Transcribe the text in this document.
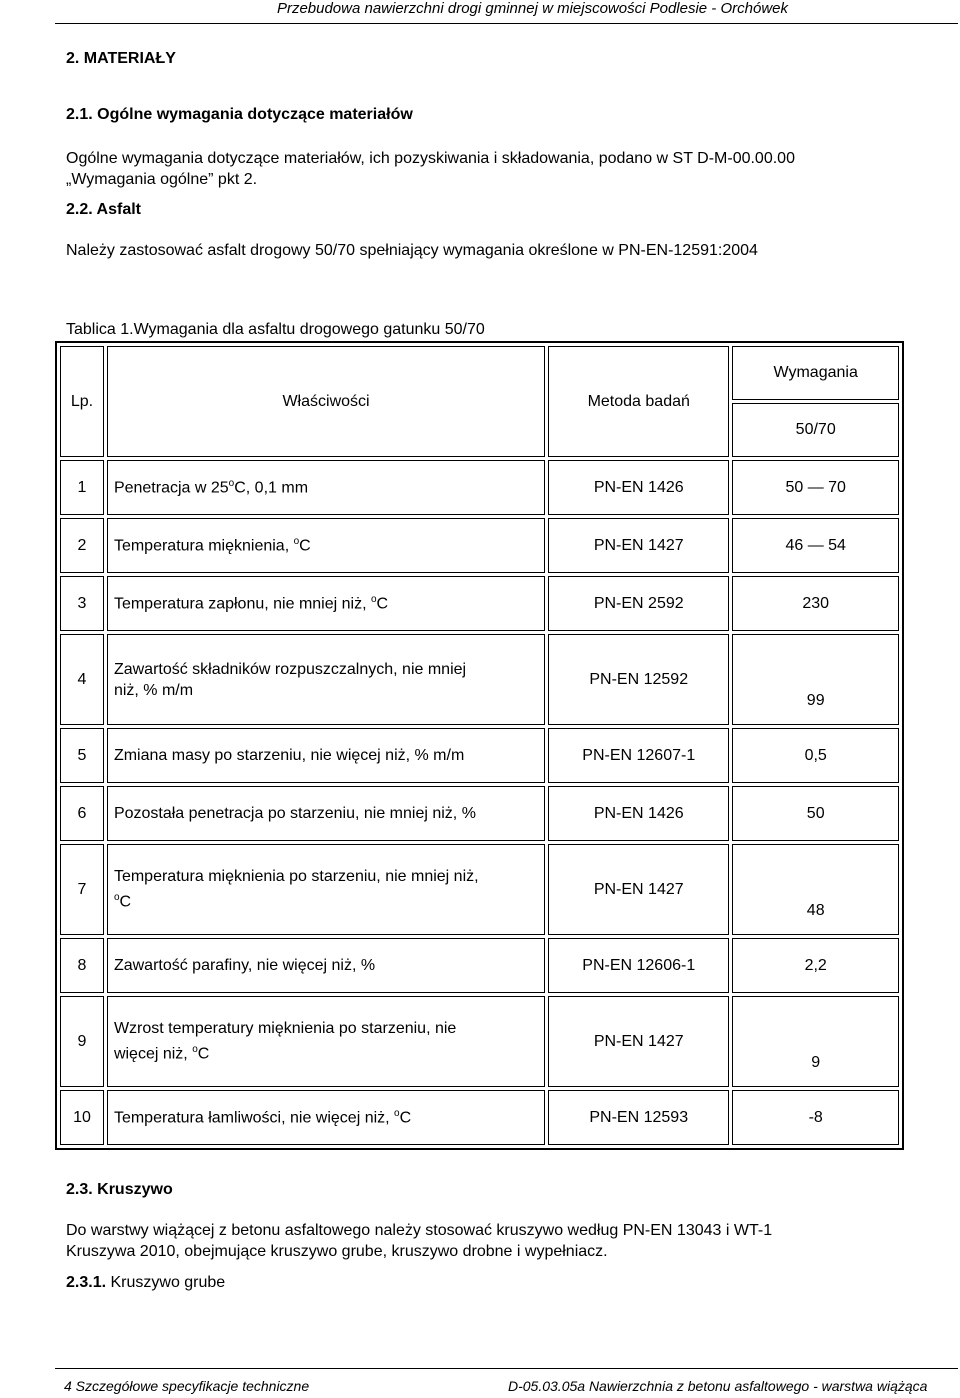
Przebudowa nawierzchni drogi gminnej w miejscowości Podlesie - Orchówek
2. MATERIAŁY
2.1. Ogólne wymagania dotyczące materiałów
Ogólne wymagania dotyczące materiałów, ich pozyskiwania i składowania, podano w ST D-M-00.00.00
„Wymagania ogólne” pkt 2.
2.2. Asfalt
Należy zastosować asfalt drogowy 50/70 spełniający wymagania określone w PN-EN-12591:2004
Tablica 1.Wymagania dla asfaltu drogowego gatunku 50/70
Lp.	Właściwości	Metoda badań	Wymagania
			50/70
1	Penetracja w 25$^o$C, 0,1 mm	PN-EN 1426	50 — 70
2	Temperatura mięknienia, $^o$C	PN-EN 1427	46 — 54
3	Temperatura zapłonu, nie mniej niż, $^o$C	PN-EN 2592	230
4	Zawartość składników rozpuszczalnych, nie mniej
niż, % m/m	PN-EN 12592	99
5	Zmiana masy po starzeniu, nie więcej niż, % m/m	PN-EN 12607-1	0,5
6	Pozostała penetracja po starzeniu, nie mniej niż, %	PN-EN 1426	50
7	Temperatura mięknienia po starzeniu, nie mniej niż,
$^o$C	PN-EN 1427	48
8	Zawartość parafiny, nie więcej niż, %	PN-EN 12606-1	2,2
9	Wzrost temperatury mięknienia po starzeniu, nie
więcej niż, $^o$C	PN-EN 1427	9
10	Temperatura łamliwości, nie więcej niż, $^o$C	PN-EN 12593	-8
2.3. Kruszywo
Do warstwy wiążącej z betonu asfaltowego należy stosować kruszywo według PN-EN 13043 i WT-1
Kruszywa 2010, obejmujące kruszywo grube, kruszywo drobne i wypełniacz.
2.3.1. Kruszywo grube
4 Szczegółowe specyfikacje techniczne	D-05.03.05a Nawierzchnia z betonu asfaltowego - warstwa wiążąca
